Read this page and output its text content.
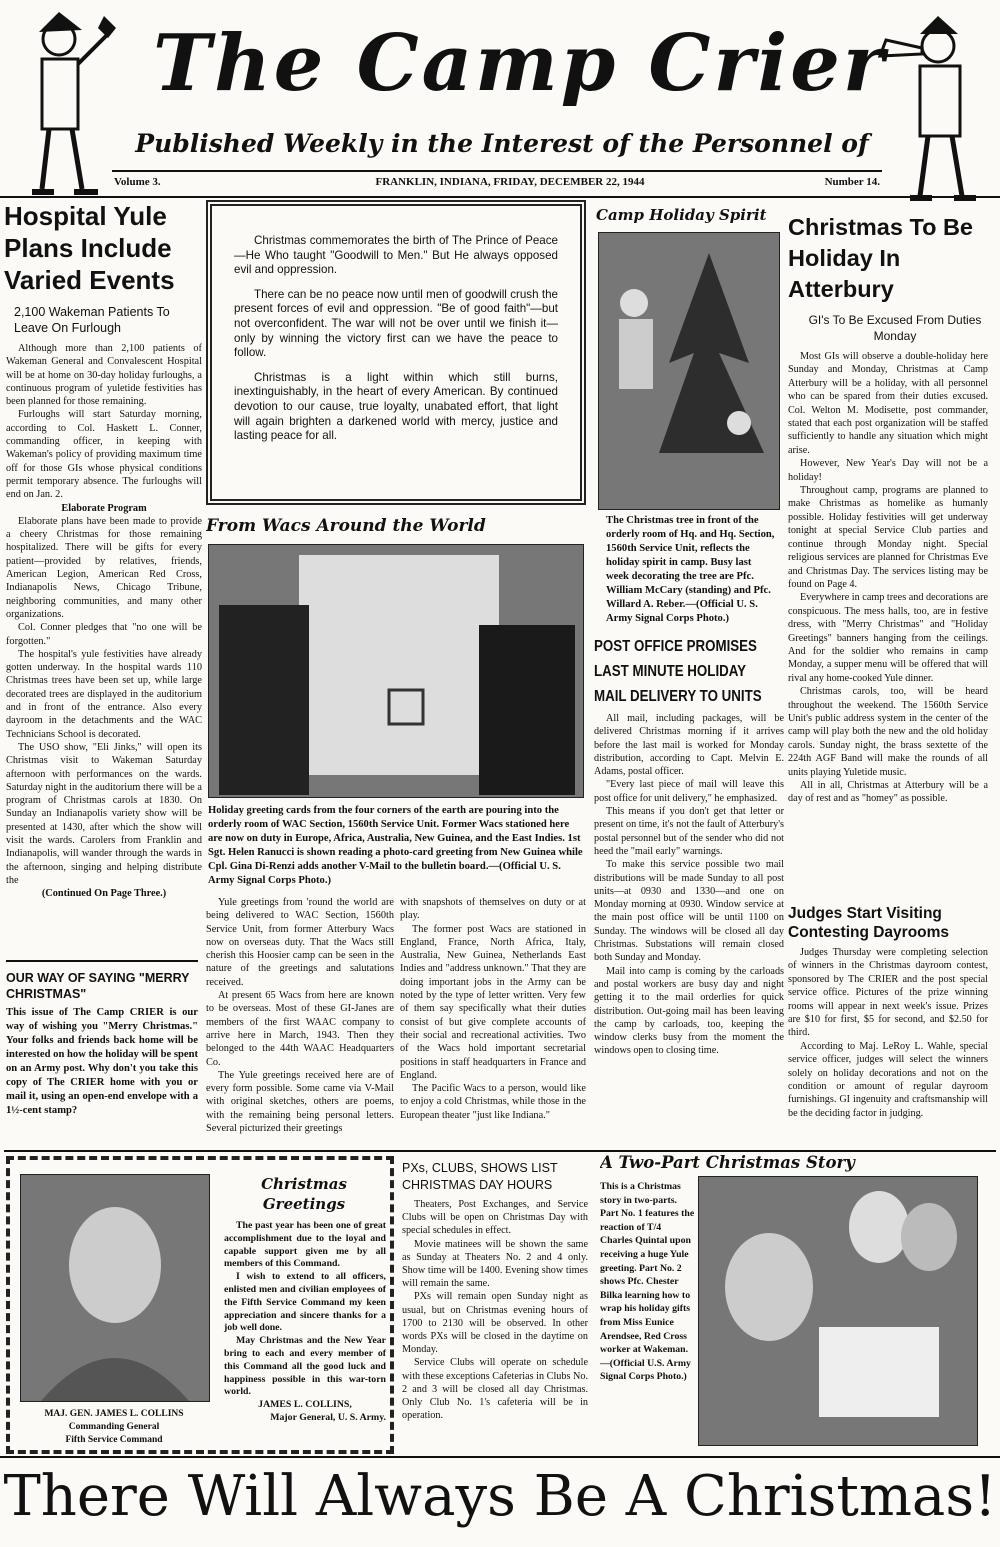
The Camp Crier
Published Weekly in the Interest of the Personnel of
Volume 3.	FRANKLIN, INDIANA, FRIDAY, DECEMBER 22, 1944	Number 14.
Hospital Yule Plans Include Varied Events
2,100 Wakeman Patients To Leave On Furlough

Although more than 2,100 patients of Wakeman General and Convalescent Hospital will be at home on 30-day holiday furloughs, a continuous program of yuletide festivities has been planned for those remaining.

Furloughs will start Saturday morning, according to Col. Haskett L. Conner, commanding officer, in keeping with Wakeman's policy of providing maximum time off for those GIs whose physical conditions permit temporary absence. The furloughs will end on Jan. 2.

Elaborate Program

Elaborate plans have been made to provide a cheery Christmas for those remaining hospitalized. There will be gifts for every patient—provided by relatives, friends, American Legion, American Red Cross, Indianapolis News, Chicago Tribune, neighboring communities, and many other organizations.

Col. Conner pledges that "no one will be forgotten."

The hospital's yule festivities have already gotten underway. In the hospital wards 110 Christmas trees have been set up, while large decorated trees are displayed in the auditorium and in front of the entrance. Also every dayroom in the detachments and the WAC Technicians School is decorated.

The USO show, "Eli Jinks," will open its Christmas visit to Wakeman Saturday afternoon with performances on the wards. Saturday night in the auditorium there will be a program of Christmas carols at 1830. On Sunday an Indianapolis variety show will be presented at 1430, after which the show will visit the wards. Carolers from Franklin and Indianapolis, will wander through the wards in the afternoon, singing and helping distribute the

(Continued On Page Three.)

OUR WAY OF SAYING "MERRY CHRISTMAS"
This issue of The Camp CRIER is our way of wishing you "Merry Christmas." Your folks and friends back home will be interested on how the holiday will be spent on an Army post. Why don't you take this copy of The CRIER home with you or mail it, using an open-end envelope with a 1½-cent stamp?

Christmas commemorates the birth of The Prince of Peace—He Who taught "Goodwill to Men." But He always opposed evil and oppression.

There can be no peace now until men of goodwill crush the present forces of evil and oppression. "Be of good faith"—but not overconfident. The war will not be over until we finish it—only by winning the victory first can we have the peace to follow.

Christmas is a light within which still burns, inextinguishably, in the heart of every American. By continued devotion to our cause, true loyalty, unabated effort, that light will again brighten a darkened world with mercy, justice and lasting peace for all.

Camp Holiday Spirit
The Christmas tree in front of the orderly room of Hq. and Hq. Section, 1560th Service Unit, reflects the holiday spirit in camp. Busy last week decorating the tree are Pfc. William McCary (standing) and Pfc. Willard A. Reber.—(Official U. S. Army Signal Corps Photo.)
Christmas To Be Holiday In Atterbury
GI's To Be Excused From Duties Monday

Most GIs will observe a double-holiday here Sunday and Monday, Christmas at Camp Atterbury will be a holiday, with all personnel who can be spared from their duties excused. Col. Welton M. Modisette, post commander, stated that each post organization will be staffed sufficiently to handle any situation which might arise.

However, New Year's Day will not be a holiday!

Throughout camp, programs are planned to make Christmas as homelike as humanly possible. Holiday festivities will get underway tonight at special Service Club parties and continue through Monday night. Special religious services are planned for Christmas Eve and Christmas Day. The services listing may be found on Page 4.

Everywhere in camp trees and decorations are conspicuous. The mess halls, too, are in festive dress, with "Merry Christmas" and "Holiday Greetings" banners hanging from the ceilings. And for the soldier who remains in camp Monday, a supper menu will be offered that will rival any home-cooked Yule dinner.

Christmas carols, too, will be heard throughout the weekend. The 1560th Service Unit's public address system in the center of the camp will play both the new and the old holiday carols. Sunday night, the brass sextette of the 224th AGF Band will make the rounds of all units playing Yuletide music.

All in all, Christmas at Atterbury will be a day of rest and as "homey" as possible.

From Wacs Around the World
Holiday greeting cards from the four corners of the earth are pouring into the orderly room of WAC Section, 1560th Service Unit. Former Wacs stationed here are now on duty in Europe, Africa, Australia, New Guinea, and the East Indies. 1st Sgt. Helen Ranucci is shown reading a photo-card greeting from New Guinea while Cpl. Gina Di-Renzi adds another V-Mail to the bulletin board.—(Official U. S. Army Signal Corps Photo.)

Yule greetings from 'round the world are being delivered to WAC Section, 1560th Service Unit, from former Atterbury Wacs now on overseas duty. That the Wacs still cherish this Hoosier camp can be seen in the nature of the greetings and salutations received.

At present 65 Wacs from here are known to be overseas. Most of these GI-Janes are members of the first WAAC company to arrive here in March, 1943. Then they belonged to the 44th WAAC Headquarters Co.

The Yule greetings received here are of every form possible. Some came via V-Mail with original sketches, others are poems, with the remaining being personal letters. Several picturized their greetings

with snapshots of themselves on duty or at play.

The former post Wacs are stationed in England, France, North Africa, Italy, Australia, New Guinea, Netherlands East Indies and "address unknown." That they are doing important jobs in the Army can be noted by the type of letter written. Very few of them say specifically what their duties consist of but give complete accounts of their social and recreational activities. Two of the Wacs hold important secretarial positions in staff headquarters in France and England.

The Pacific Wacs to a person, would like to enjoy a cold Christmas, while those in the European theater "just like Indiana."

POST OFFICE PROMISES LAST MINUTE HOLIDAY MAIL DELIVERY TO UNITS

All mail, including packages, will be delivered Christmas morning if it arrives before the last mail is worked for Monday distribution, according to Capt. Melvin E. Adams, postal officer.

"Every last piece of mail will leave this post office for unit delivery," he emphasized.

This means if you don't get that letter or present on time, it's not the fault of Atterbury's postal personnel but of the sender who did not heed the "mail early" warnings.

To make this service possible two mail distributions will be made Sunday to all post units—at 0930 and 1330—and one on Monday morning at 0930. Window service at the main post office will be until 1100 on Sunday. The windows will be closed all day Christmas. Substations will remain closed both Sunday and Monday.

Mail into camp is coming by the carloads and postal workers are busy day and night getting it to the mail orderlies for quick distribution. Out-going mail has been leaving the camp by carloads, too, keeping the window clerks busy from the moment the windows open to closing time.

Judges Start Visiting Contesting Dayrooms

Judges Thursday were completing selection of winners in the Christmas dayroom contest, sponsored by The CRIER and the post special service office. Pictures of the prize winning rooms will appear in next week's issue. Prizes are $10 for first, $5 for second, and $2.50 for third.

According to Maj. LeRoy L. Wahle, special service officer, judges will select the winners solely on holiday decorations and not on the condition or amount of regular dayroom furnishings. GI ingenuity and craftsmanship will be the deciding factor in judging.

MAJ. GEN. JAMES L. COLLINS
Commanding General
Fifth Service Command
Christmas Greetings

The past year has been one of great accomplishment due to the loyal and capable support given me by all members of this Command.

I wish to extend to all officers, enlisted men and civilian employees of the Fifth Service Command my keen appreciation and sincere thanks for a job well done.

May Christmas and the New Year bring to each and every member of this Command all the good luck and happiness possible in this war-torn world.

JAMES L. COLLINS,

Major General, U. S. Army.

PXs, CLUBS, SHOWS LIST CHRISTMAS DAY HOURS

Theaters, Post Exchanges, and Service Clubs will be open on Christmas Day with special schedules in effect.

Movie matinees will be shown the same as Sunday at Theaters No. 2 and 4 only. Show time will be 1400. Evening show times will remain the same.

PXs will remain open Sunday night as usual, but on Christmas evening hours of 1700 to 2130 will be observed. In other words PXs will be closed in the daytime on Monday.

Service Clubs will operate on schedule with these exceptions Cafeterias in Clubs No. 2 and 3 will be closed all day Christmas. Only Club No. 1's cafeteria will be in operation.

A Two-Part Christmas Story
This is a Christmas story in two-parts. Part No. 1 features the reaction of T/4 Charles Quintal upon receiving a huge Yule greeting. Part No. 2 shows Pfc. Chester Bilka learning how to wrap his holiday gifts from Miss Eunice Arendsee, Red Cross worker at Wakeman.—(Official U.S. Army Signal Corps Photo.)
There Will Always Be A Christmas!
